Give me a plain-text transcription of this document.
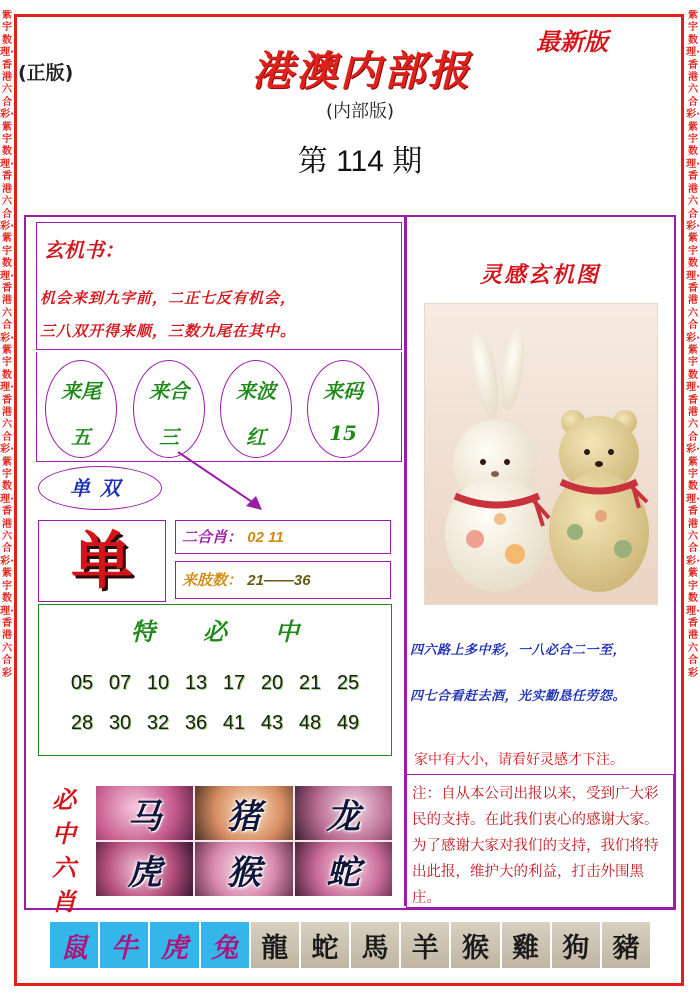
紫宇数理·香港六合彩·紫宇数理·香港六合彩·紫宇数理·香港六合彩·紫宇数理·香港六合彩·紫宇数理·香港六合彩·紫宇数理·香港六合彩
紫宇数理·香港六合彩·紫宇数理·香港六合彩·紫宇数理·香港六合彩·紫宇数理·香港六合彩·紫宇数理·香港六合彩·紫宇数理·香港六合彩
(正版)
最新版
港澳内部报
(内部版)
第 114 期
玄机书：
机会来到九字前，二正七反有机会，
三八双开得来顺，三数九尾在其中。
来尾
五
来合
三
来波
红
来码
15
单双
单	二合肖： 02 11
来肢数： 21——36
特 必 中
05 07 10 13 17 20 21 25
28 30 32 36 41 43 48 49
必
中
六
肖
马	猪	龙
虎	猴	蛇
灵感玄机图
四六路上多中彩，一八必合二一至，
四七合看赶去酒，光实勤恳任劳怨。
家中有大小，请看好灵感才下注。
注：自从本公司出报以来，受到广大彩民的支持。在此我们衷心的感谢大家。为了感谢大家对我们的支持，我们将特出此报，维护大的利益，打击外围黑庄。
鼠 牛 虎 兔 龍 蛇 馬 羊 猴 雞 狗 豬
